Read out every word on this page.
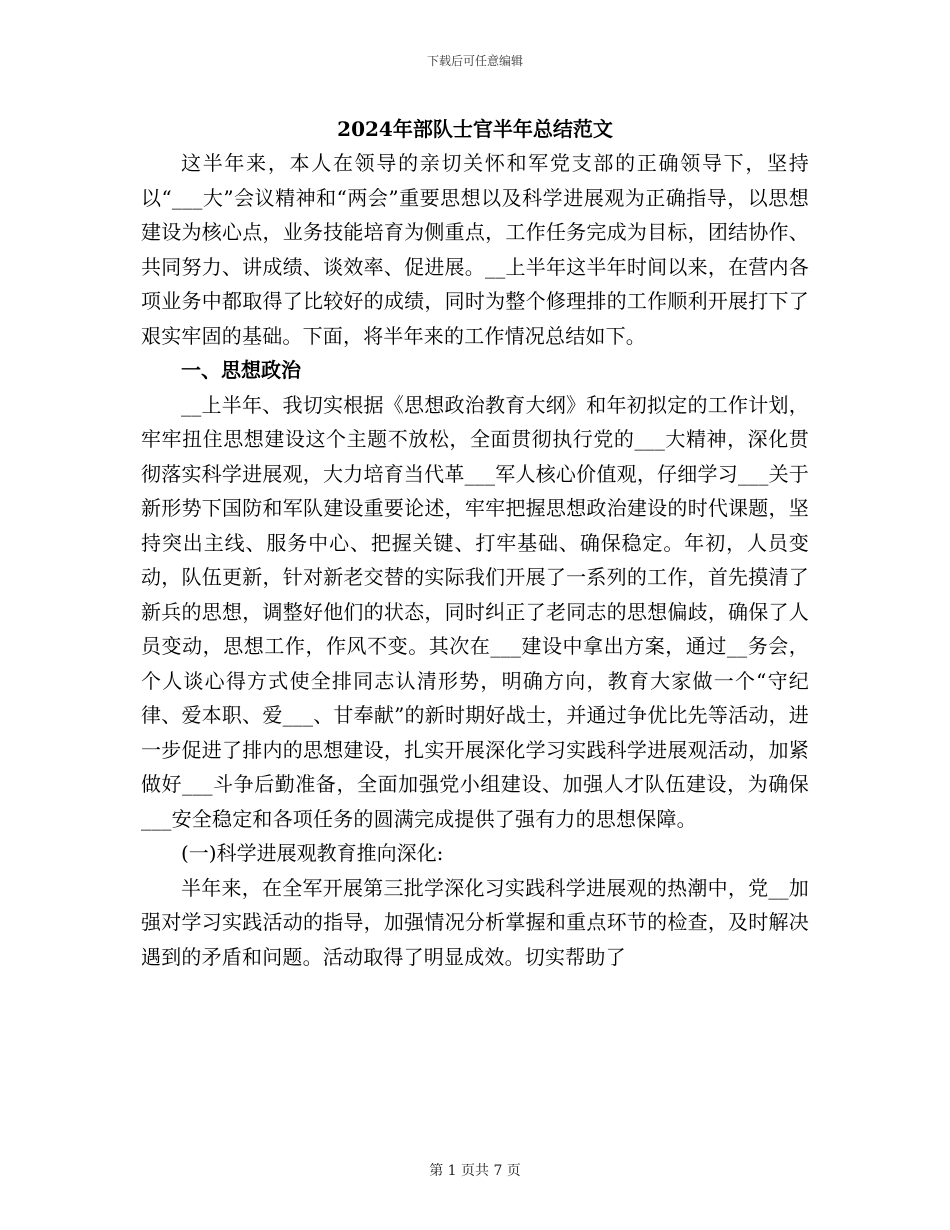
下载后可任意编辑
2024年部队士官半年总结范文

这半年来，本人在领导的亲切关怀和军党支部的正确领导下，坚持以“___大”会议精神和“两会”重要思想以及科学进展观为正确指导，以思想建设为核心点，业务技能培育为侧重点，工作任务完成为目标，团结协作、共同努力、讲成绩、谈效率、促进展。__上半年这半年时间以来，在营内各项业务中都取得了比较好的成绩，同时为整个修理排的工作顺利开展打下了艰实牢固的基础。下面，将半年来的工作情况总结如下。

一、思想政治

__上半年、我切实根据《思想政治教育大纲》和年初拟定的工作计划，牢牢扭住思想建设这个主题不放松，全面贯彻执行党的___大精神，深化贯彻落实科学进展观，大力培育当代革___军人核心价值观，仔细学习___关于新形势下国防和军队建设重要论述，牢牢把握思想政治建设的时代课题，坚持突出主线、服务中心、把握关键、打牢基础、确保稳定。年初，人员变动，队伍更新，针对新老交替的实际我们开展了一系列的工作，首先摸清了新兵的思想，调整好他们的状态，同时纠正了老同志的思想偏歧，确保了人员变动，思想工作，作风不变。其次在___建设中拿出方案，通过__务会，个人谈心得方式使全排同志认清形势，明确方向，教育大家做一个“守纪律、爱本职、爱___、甘奉献”的新时期好战士，并通过争优比先等活动，进一步促进了排内的思想建设，扎实开展深化学习实践科学进展观活动，加紧做好___斗争后勤准备，全面加强党小组建设、加强人才队伍建设，为确保___安全稳定和各项任务的圆满完成提供了强有力的思想保障。

(一)科学进展观教育推向深化:

半年来，在全军开展第三批学深化习实践科学进展观的热潮中，党__加强对学习实践活动的指导，加强情况分析掌握和重点环节的检查，及时解决遇到的矛盾和问题。活动取得了明显成效。切实帮助了

第 1 页共 7 页
